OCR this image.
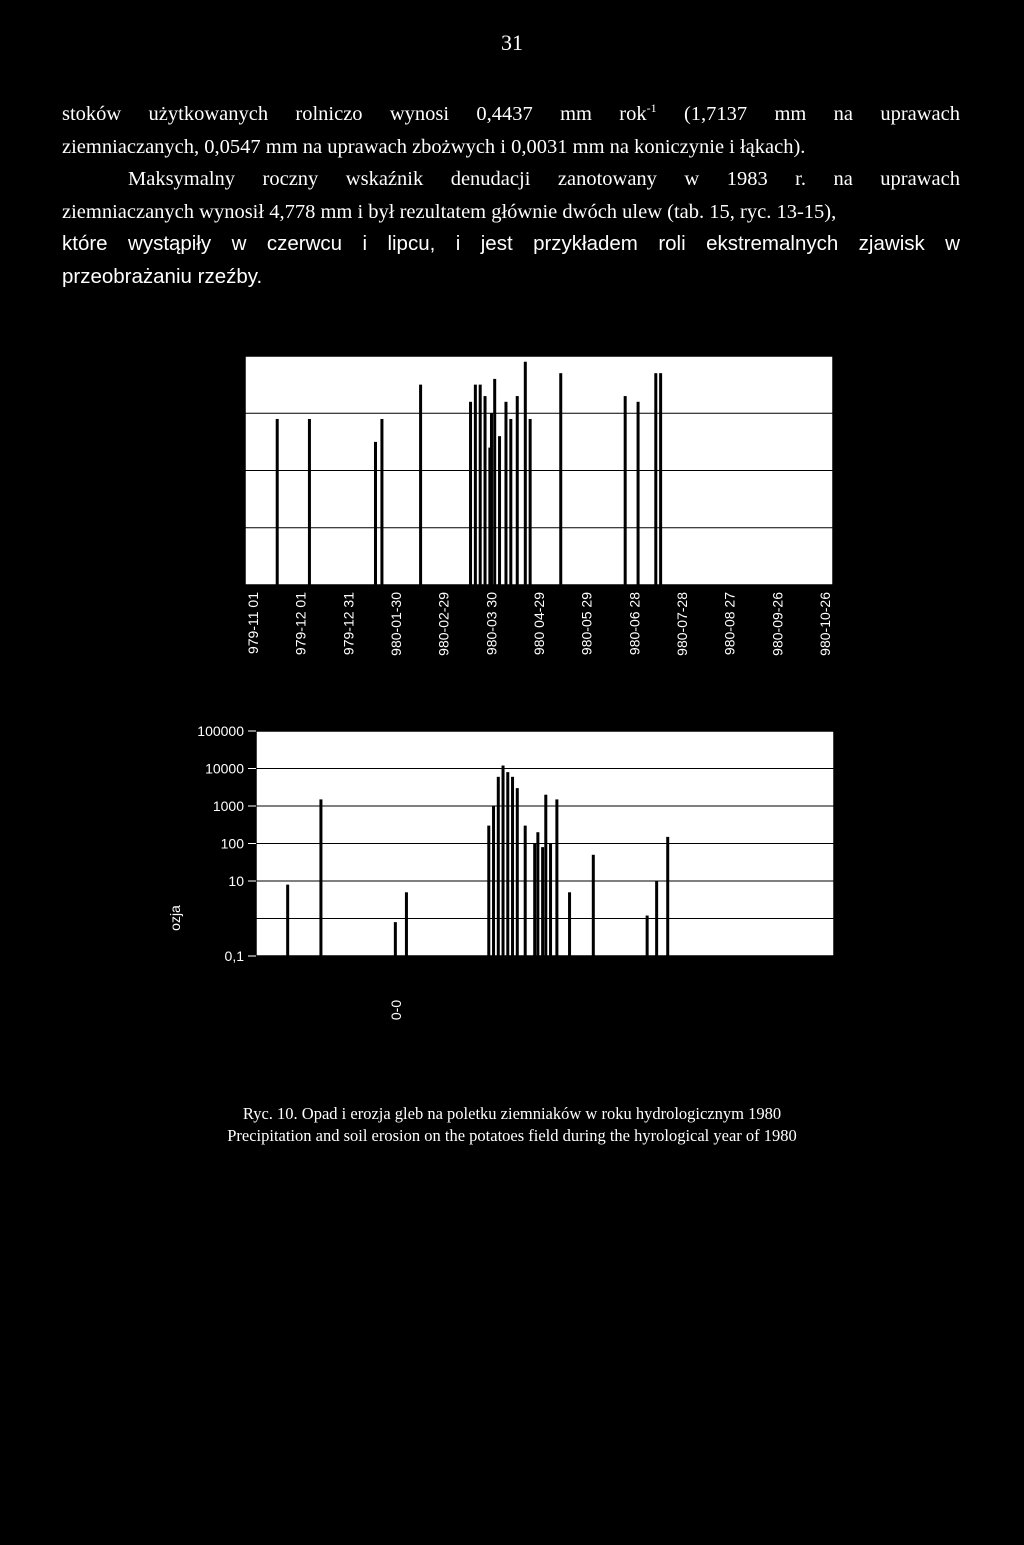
31
stoków użytkowanych rolniczo wynosi 0,4437 mm rok$^{-1}$ (1,7137 mm na uprawach
ziemniaczanych, 0,0547 mm na uprawach zbożwych i 0,0031 mm na koniczynie i łąkach).
Maksymalny roczny wskaźnik denudacji zanotowany w 1983 r. na uprawach
ziemniaczanych wynosił 4,778 mm i był rezultatem głównie dwóch ulew (tab. 15, ryc. 13-15),
które wystąpiły w czerwcu i lipcu, i jest przykładem roli ekstremalnych zjawisk w
przeobrażaniu rzeźby.
979-11 01 979-12 01 979-12 31 980-01-30 980-02-29 980-03 30 980 04-29 980-05 29 980-06 28 980-07-28 980-08 27 980-09-26 980-10-26
100000
10000
1000
100
10
0,1
ozja
0-0
Ryc. 10. Opad i erozja gleb na poletku ziemniaków w roku hydrologicznym 1980
Precipitation and soil erosion on the potatoes field during the hyrological year of 1980
